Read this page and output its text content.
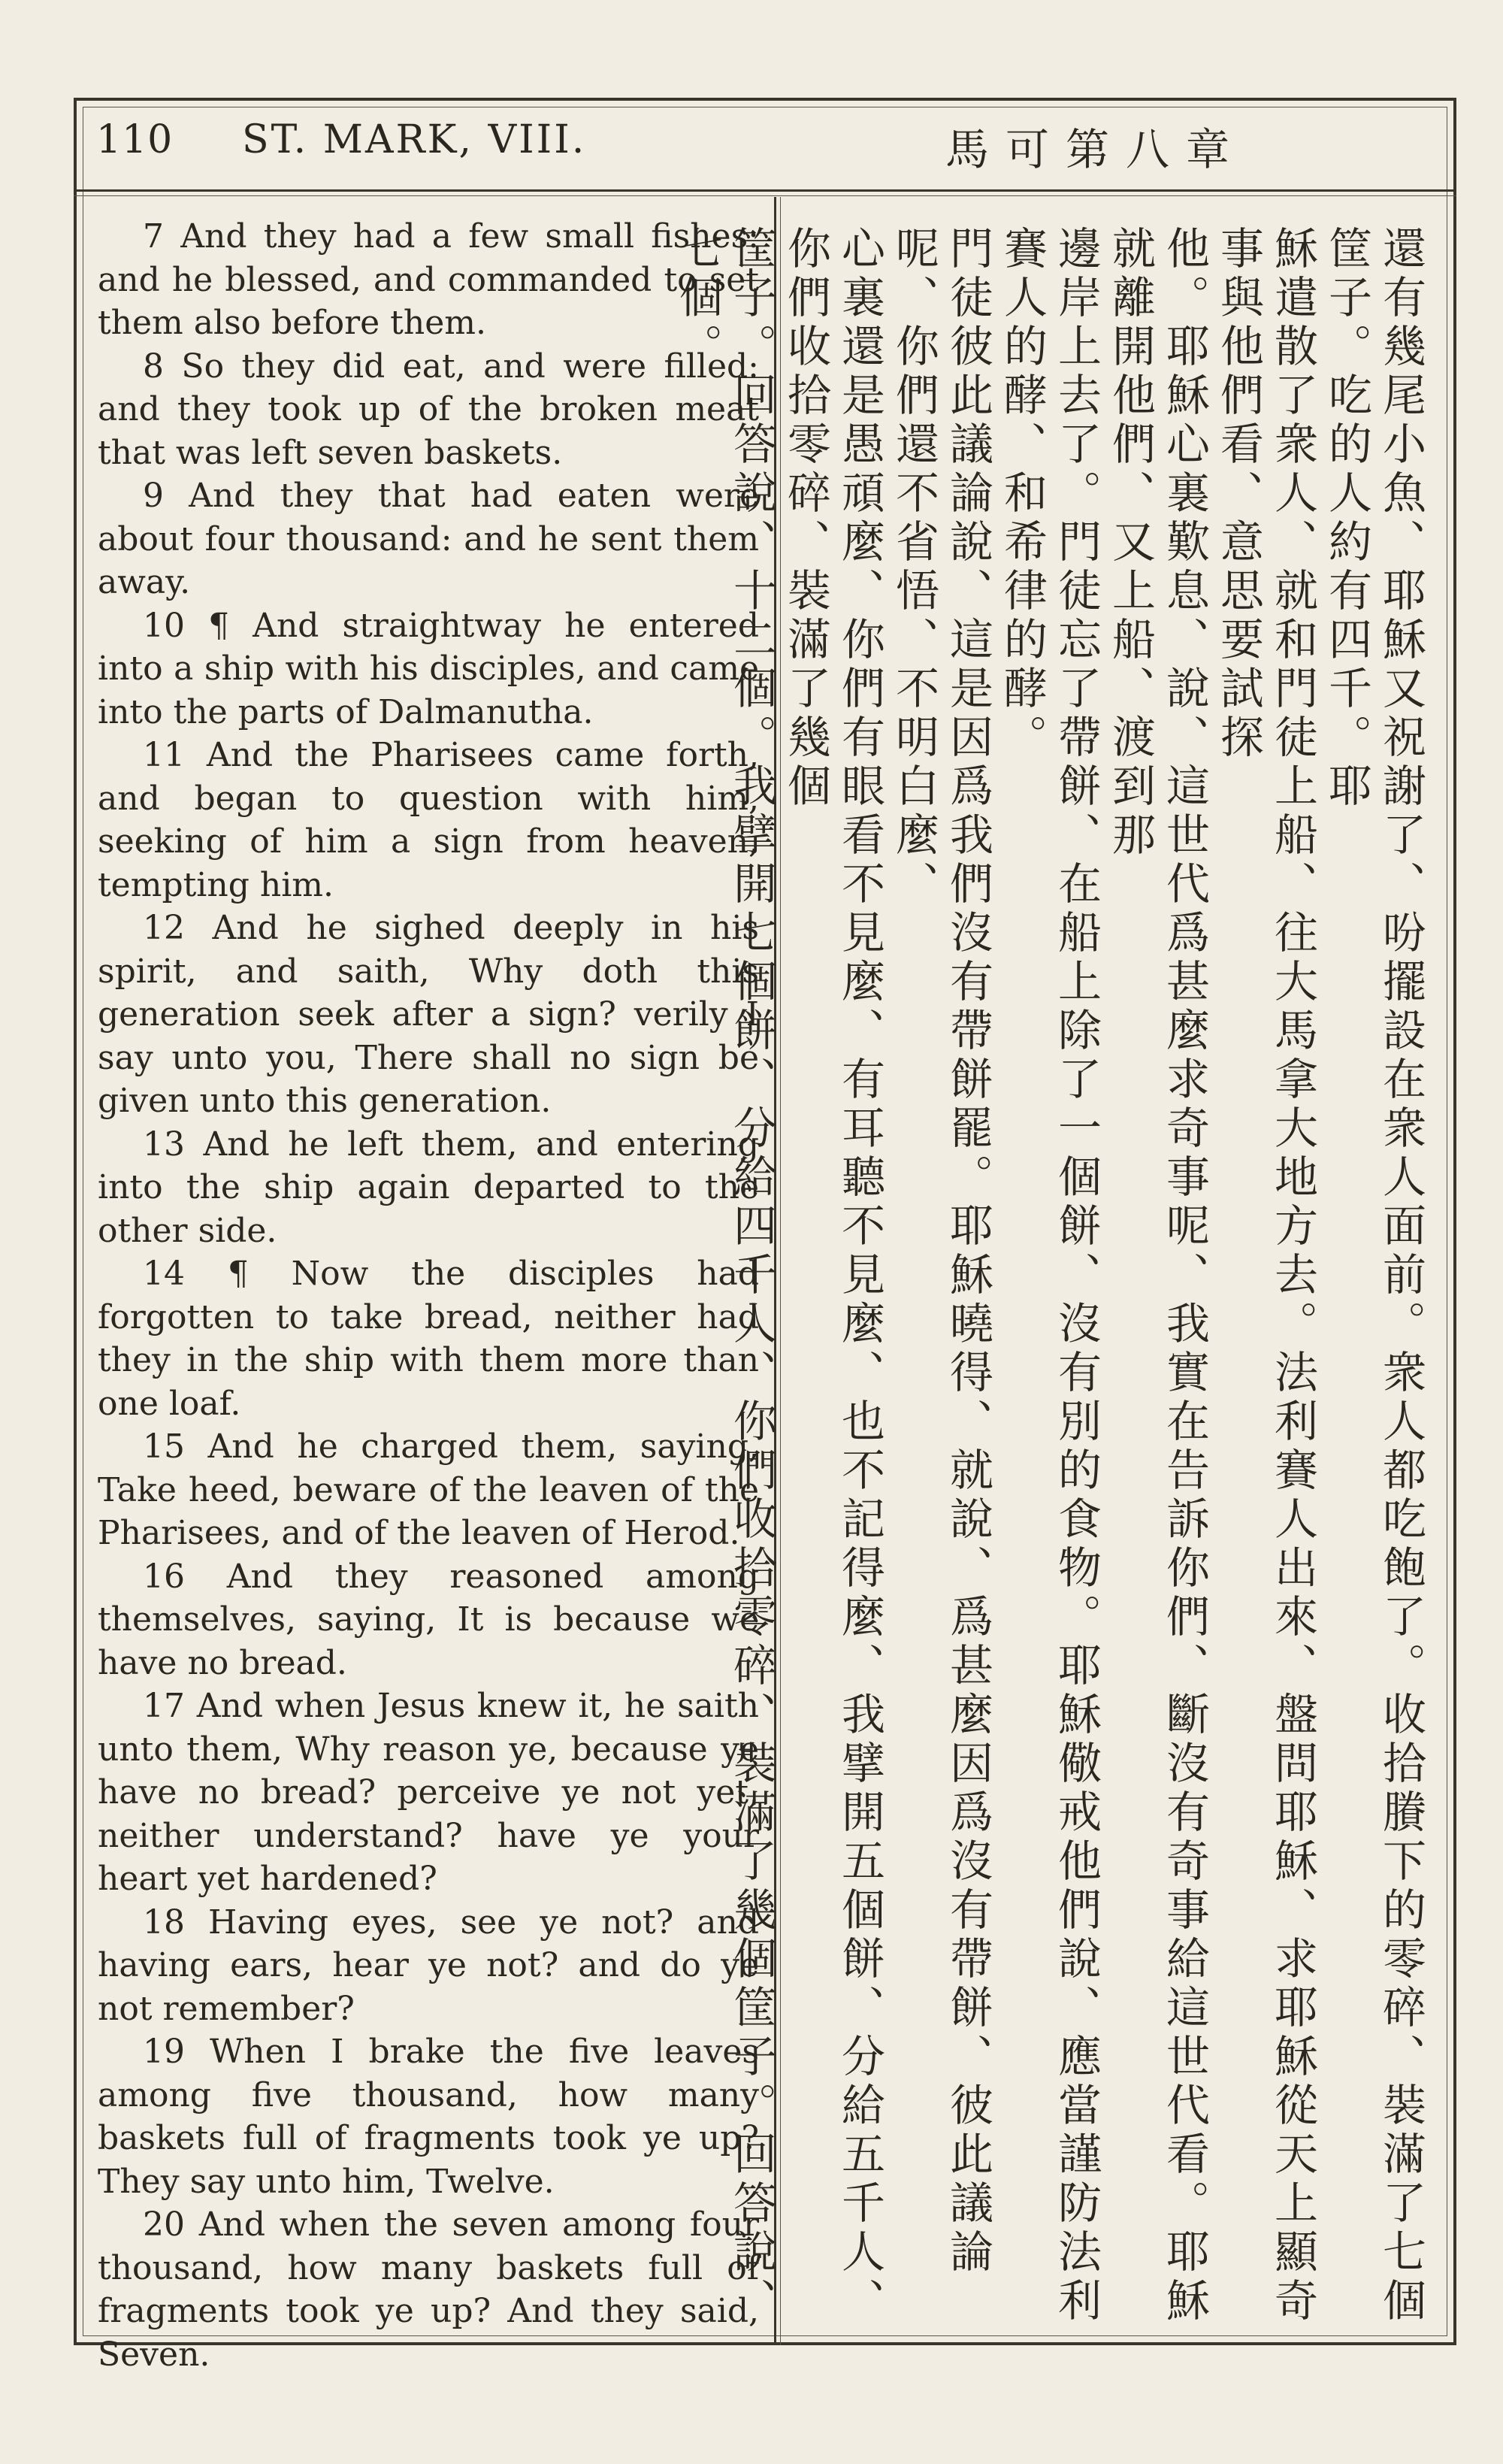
110 ST. MARK, VIII.	馬可第八章

7 And they had a few small fishes: and he blessed, and commanded to set them also before them.

8 So they did eat, and were filled: and they took up of the broken meat that was left seven baskets.

9 And they that had eaten were about four thousand: and he sent them away.

10 ¶ And straightway he entered into a ship with his disciples, and came into the parts of Dalmanutha.

11 And the Pharisees came forth, and began to question with him, seeking of him a sign from heaven, tempting him.

12 And he sighed deeply in his spirit, and saith, Why doth this generation seek after a sign? verily I say unto you, There shall no sign be given unto this generation.

13 And he left them, and entering into the ship again departed to the other side.

14 ¶ Now the disciples had forgotten to take bread, neither had they in the ship with them more than one loaf.

15 And he charged them, saying, Take heed, beware of the leaven of the Pharisees, and of the leaven of Herod.

16 And they reasoned among themselves, saying, It is because we have no bread.

17 And when Jesus knew it, he saith unto them, Why reason ye, because ye have no bread? perceive ye not yet, neither understand? have ye your heart yet hardened?

18 Having eyes, see ye not? and having ears, hear ye not? and do ye not remember?

19 When I brake the five leaves among five thousand, how many baskets full of fragments took ye up? They say unto him, Twelve.

20 And when the seven among four thousand, how many baskets full of fragments took ye up? And they said, Seven.

還有幾尾小魚、耶穌又祝謝了、吩擺設在衆人面前。衆人都吃飽了。收拾賸下的零碎、裝滿了七個筐子。吃的人約有四千。耶
穌遣散了衆人、就和門徒上船、往大馬拿大地方去。法利賽人出來、盤問耶穌、求耶穌從天上顯奇事與他們看、意思要試探
他。耶穌心裏歎息、說、這世代爲甚麼求奇事呢、我實在告訴你們、斷沒有奇事給這世代看。耶穌就離開他們、又上船、渡到那
邊岸上去了。門徒忘了帶餅、在船上除了一個餅、沒有別的食物。耶穌儆戒他們說、應當謹防法利賽人的酵、和希律的酵。
門徒彼此議論說、這是因爲我們沒有帶餅罷。耶穌曉得、就說、爲甚麼因爲沒有帶餅、彼此議論呢、你們還不省悟、不明白麼、
心裏還是愚頑麼、你們有眼看不見麼、有耳聽不見麼、也不記得麼、我擘開五個餅、分給五千人、你們收拾零碎、裝滿了幾個
筐子。回答說、十二個。我擘開七個餅、分給四千人、你們收拾零碎、裝滿了幾個筐子。回答說、七個。
